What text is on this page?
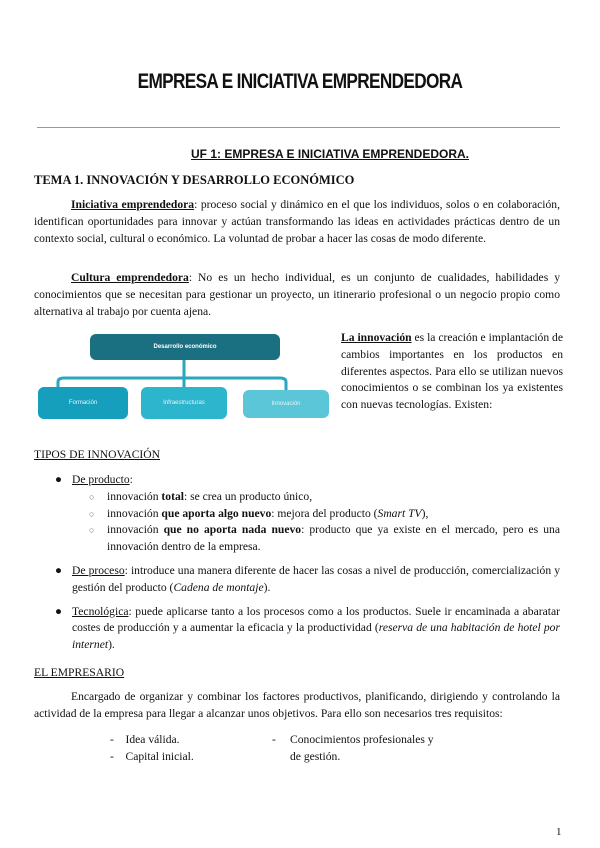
EMPRESA E INICIATIVA EMPRENDEDORA
UF 1: EMPRESA E INICIATIVA EMPRENDEDORA.
TEMA 1. INNOVACIÓN Y DESARROLLO ECONÓMICO
Iniciativa emprendedora: proceso social y dinámico en el que los individuos, solos o en colaboración, identifican oportunidades para innovar y actúan transformando las ideas en actividades prácticas dentro de un contexto social, cultural o económico. La voluntad de probar a hacer las cosas de modo diferente.
Cultura emprendedora: No es un hecho individual, es un conjunto de cualidades, habilidades y conocimientos que se necesitan para gestionar un proyecto, un itinerario profesional o un negocio propio como alternativa al trabajo por cuenta ajena.
Desarrollo económico
Formación	Infraestructuras	Innovación
La innovación es la creación e implantación de cambios importantes en los productos en diferentes aspectos. Para ello se utilizan nuevos conocimientos o se combinan los ya existentes con nuevas tecnologías. Existen:
TIPOS DE INNOVACIÓN
● De producto:
○ innovación total: se crea un producto único,
○ innovación que aporta algo nuevo: mejora del producto (Smart TV),
○ innovación que no aporta nada nuevo: producto que ya existe en el mercado, pero es una innovación dentro de la empresa.
● De proceso: introduce una manera diferente de hacer las cosas a nivel de producción, comercialización y gestión del producto (Cadena de montaje).
● Tecnológica: puede aplicarse tanto a los procesos como a los productos. Suele ir encaminada a abaratar costes de producción y a aumentar la eficacia y la productividad (reserva de una habitación de hotel por internet).
EL EMPRESARIO
Encargado de organizar y combinar los factores productivos, planificando, dirigiendo y controlando la actividad de la empresa para llegar a alcanzar unos objetivos. Para ello son necesarios tres requisitos:
-    Idea válida.
-    Capital inicial.
- Conocimientos profesionales y de gestión.
1
